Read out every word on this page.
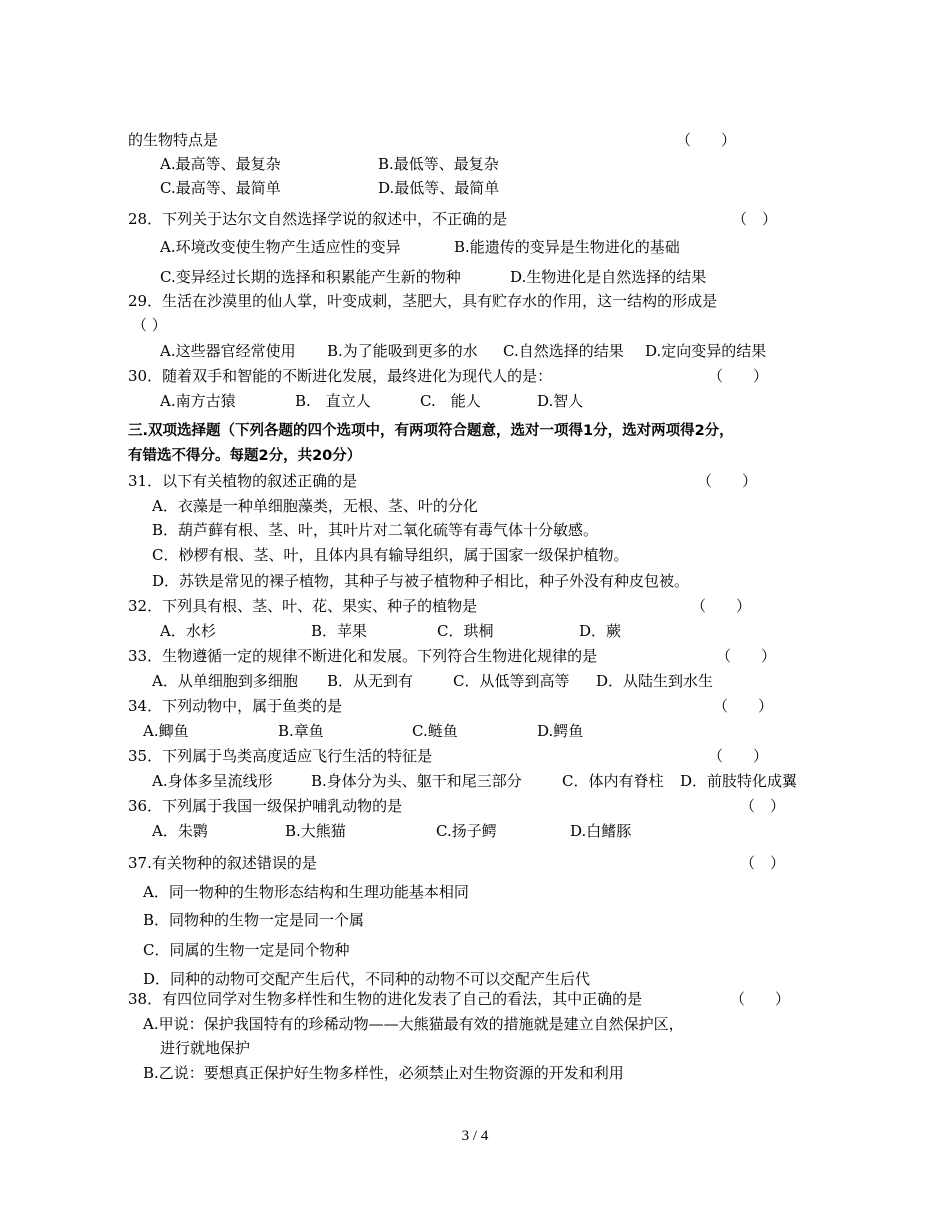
的生物特点是	（　　）
A.最高等、最复杂	B.最低等、最复杂
C.最高等、最简单	D.最低等、最简单
28．下列关于达尔文自然选择学说的叙述中，不正确的是	（　）
A.环境改变使生物产生适应性的变异	B.能遗传的变异是生物进化的基础
C.变异经过长期的选择和积累能产生新的物种	D.生物进化是自然选择的结果
29．生活在沙漠里的仙人掌，叶变成刺，茎肥大，具有贮存水的作用，这一结构的形成是
（ ）
A.这些器官经常使用 B.为了能吸到更多的水 C.自然选择的结果 D.定向变异的结果
30．随着双手和智能的不断进化发展，最终进化为现代人的是：	（　　）
A.南方古猿	B.　直立人	C.　能人	D.智人
三.双项选择题（下列各题的四个选项中，有两项符合题意，选对一项得1分，选对两项得2分，
有错选不得分。每题2分，共20分）
31．以下有关植物的叙述正确的是	（　　）
A．衣藻是一种单细胞藻类，无根、茎、叶的分化
B．葫芦藓有根、茎、叶，其叶片对二氧化硫等有毒气体十分敏感。
C．桫椤有根、茎、叶，且体内具有输导组织，属于国家一级保护植物。
D．苏铁是常见的裸子植物，其种子与被子植物种子相比，种子外没有种皮包被。
32．下列具有根、茎、叶、花、果实、种子的植物是	（　　）
A．水杉	B．苹果	C．珙桐	D．蕨
33．生物遵循一定的规律不断进化和发展。下列符合生物进化规律的是	（　　）
A．从单细胞到多细胞 B．从无到有	C．从低等到高等 D．从陆生到水生
34．下列动物中，属于鱼类的是	（　　）
A.鲫鱼	B.章鱼	C.鲢鱼	D.鳄鱼
35．下列属于鸟类高度适应飞行生活的特征是	（　　）
A.身体多呈流线形	B.身体分为头、躯干和尾三部分	C．体内有脊柱 D．前肢特化成翼
36．下列属于我国一级保护哺乳动物的是	（　）
A．朱鹮	B.大熊猫	C.扬子鳄	D.白鳍豚
37.有关物种的叙述错误的是	（　）
A．同一物种的生物形态结构和生理功能基本相同
B．同物种的生物一定是同一个属
C．同属的生物一定是同个物种
D．同种的动物可交配产生后代，不同种的动物不可以交配产生后代
38．有四位同学对生物多样性和生物的进化发表了自己的看法，其中正确的是	（　　）
A.甲说：保护我国特有的珍稀动物——大熊猫最有效的措施就是建立自然保护区，
进行就地保护
B.乙说：要想真正保护好生物多样性，必须禁止对生物资源的开发和利用
3 / 4
